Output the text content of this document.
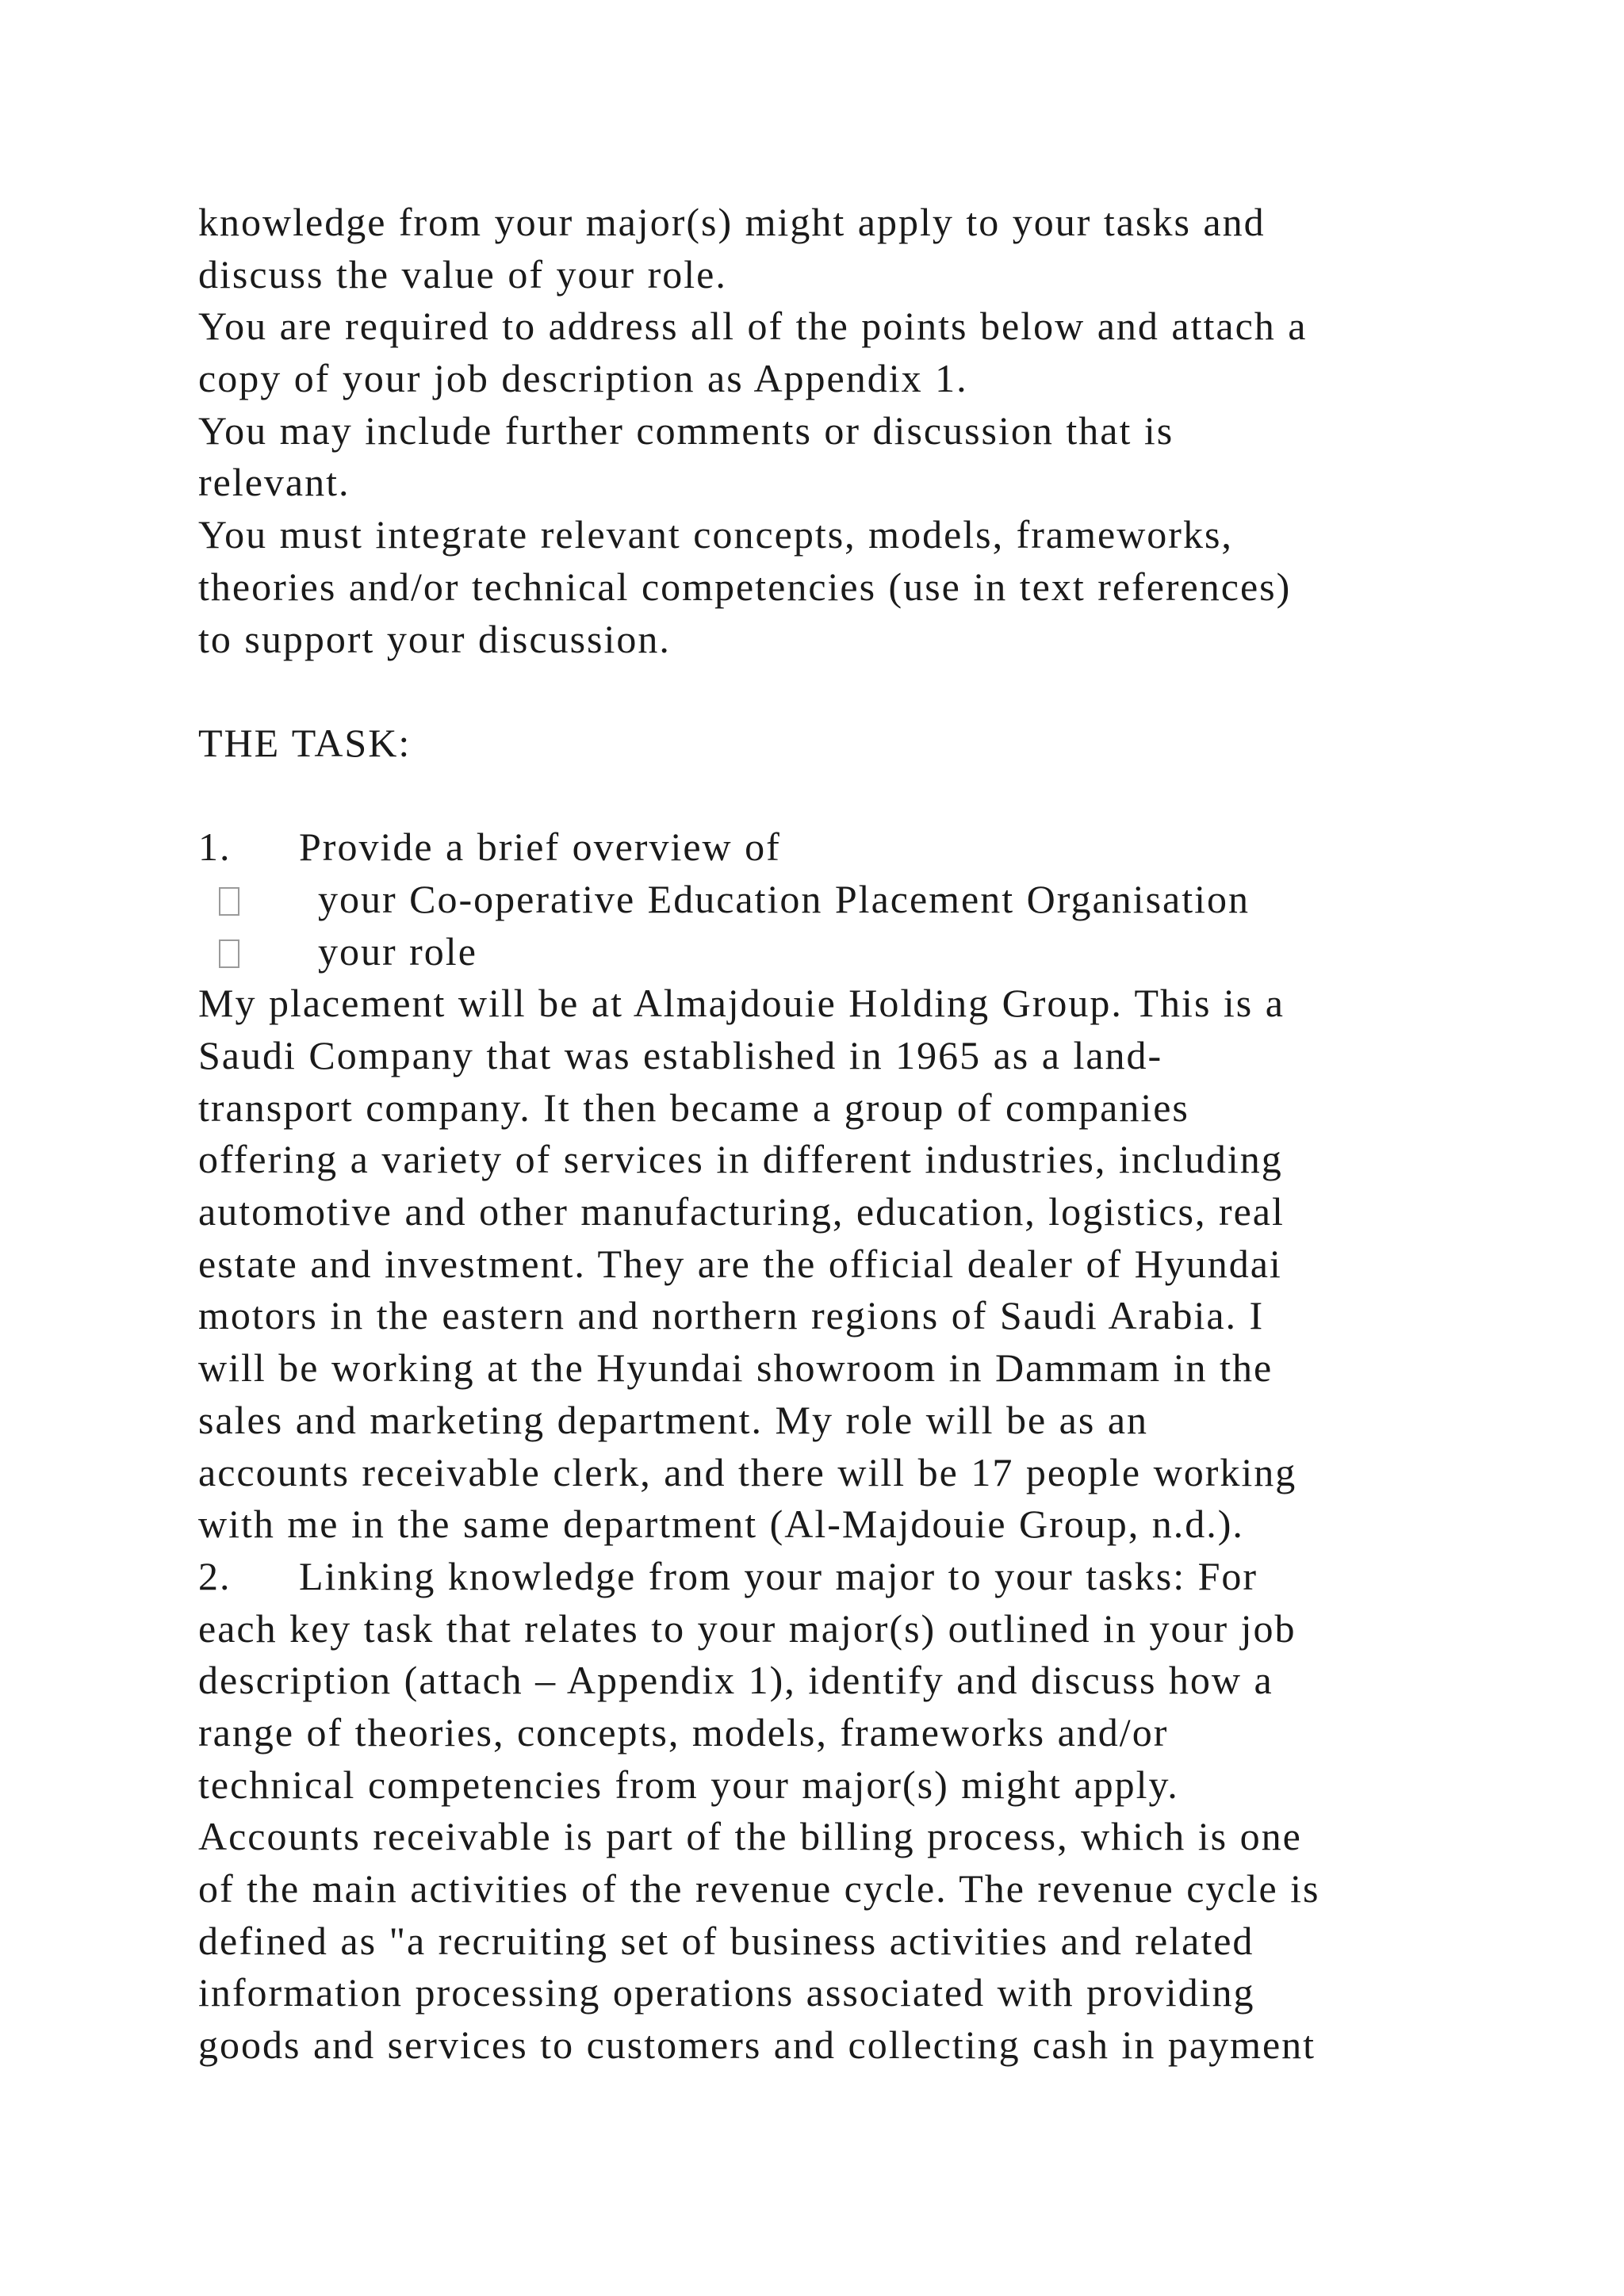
knowledge from your major(s) might apply to your tasks and
discuss the value of your role.
You are required to address all of the points below and attach a
copy of your job description as Appendix 1.
You may include further comments or discussion that is
relevant.
You must integrate relevant concepts, models, frameworks,
theories and/or technical competencies (use in text references)
to support your discussion.
THE TASK:
1. Provide a brief overview of
your Co-operative Education Placement Organisation
your role
My placement will be at Almajdouie Holding Group. This is a
Saudi Company that was established in 1965 as a land-
transport company. It then became a group of companies
offering a variety of services in different industries, including
automotive and other manufacturing, education, logistics, real
estate and investment. They are the official dealer of Hyundai
motors in the eastern and northern regions of Saudi Arabia. I
will be working at the Hyundai showroom in Dammam in the
sales and marketing department. My role will be as an
accounts receivable clerk, and there will be 17 people working
with me in the same department (Al-Majdouie Group, n.d.).
2. Linking knowledge from your major to your tasks: For
each key task that relates to your major(s) outlined in your job
description (attach – Appendix 1), identify and discuss how a
range of theories, concepts, models, frameworks and/or
technical competencies from your major(s) might apply.
Accounts receivable is part of the billing process, which is one
of the main activities of the revenue cycle. The revenue cycle is
defined as "a recruiting set of business activities and related
information processing operations associated with providing
goods and services to customers and collecting cash in payment
